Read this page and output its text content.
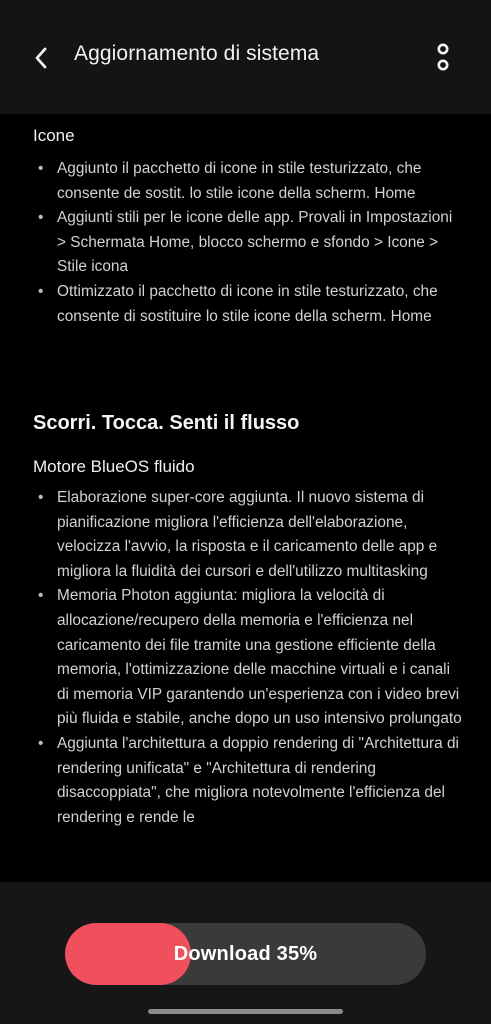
Aggiornamento di sistema
Icone
• Aggiunto il pacchetto di icone in stile testurizzato, che consente de sostit. lo stile icone della scherm. Home
• Aggiunti stili per le icone delle app. Provali in Impostazioni > Schermata Home, blocco schermo e sfondo > Icone > Stile icona
• Ottimizzato il pacchetto di icone in stile testurizzato, che consente di sostituire lo stile icone della scherm. Home
Scorri. Tocca. Senti il flusso
Motore BlueOS fluido
• Elaborazione super-core aggiunta. Il nuovo sistema di pianificazione migliora l'efficienza dell'elaborazione, velocizza l'avvio, la risposta e il caricamento delle app e migliora la fluidità dei cursori e dell'utilizzo multitasking
• Memoria Photon aggiunta: migliora la velocità di allocazione/recupero della memoria e l'efficienza nel caricamento dei file tramite una gestione efficiente della memoria, l'ottimizzazione delle macchine virtuali e i canali di memoria VIP garantendo un'esperienza con i video brevi più fluida e stabile, anche dopo un uso intensivo prolungato
• Aggiunta l'architettura a doppio rendering di "Architettura di rendering unificata" e "Architettura di rendering disaccoppiata", che migliora notevolmente l'efficienza del rendering e rende le
Download 35%
